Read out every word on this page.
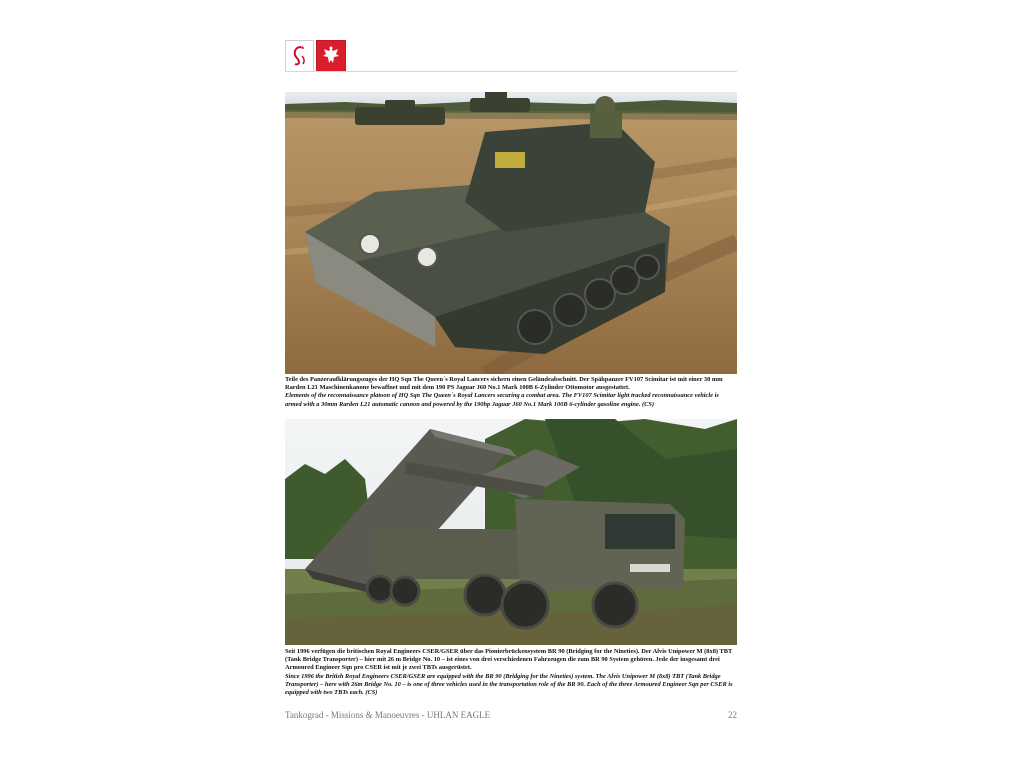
Teile des Panzeraufklärungszuges der HQ Sqn The Queen´s Royal Lancers sichern einen Geländeabschnitt. Der Spähpanzer FV107 Scimitar ist mit einer 30 mm Rarden L21 Maschinenkanone bewaffnet und mit dem 190 PS Jaguar J60 No.1 Mark 100B 6-Zylinder Ottomotor ausgestattet.
Elements of the reconnaissance platoon of HQ Sqn The Queen´s Royal Lancers securing a combat area. The FV107 Scimitar light tracked reconnaissance vehicle is armed with a 30mm Rarden L21 automatic cannon and powered by the 190hp Jaguar J60 No.1 Mark 100B 6-cylinder gasoline engine. (CS)
Seit 1996 verfügen die britischen Royal Engineers CSER/GSER über das Pionierbrückensystem BR 90 (Bridging for the Nineties). Der Alvis Unipower M (8x8) TBT (Tank Bridge Transporter) – hier mit 26 m Bridge No. 10 – ist eines von drei verschiedenen Fahrzeugen die zum BR 90 System gehören. Jede der insgesamt drei Armoured Engineer Sqn pro CSER ist mit je zwei TBTs ausgerüstet.
Since 1996 the British Royal Engineers CSER/GSER are equipped with the BR 90 (Bridging for the Nineties) system. The Alvis Unipower M (8x8) TBT (Tank Bridge Transporter) – here with 26m Bridge No. 10 – is one of three vehicles used in the transportation role of the BR 90. Each of the three Armoured Engineer Sqn per CSER is equipped with two TBTs each. (CS)
Tankograd - Missions & Manoeuvres - UHLAN EAGLE	22
